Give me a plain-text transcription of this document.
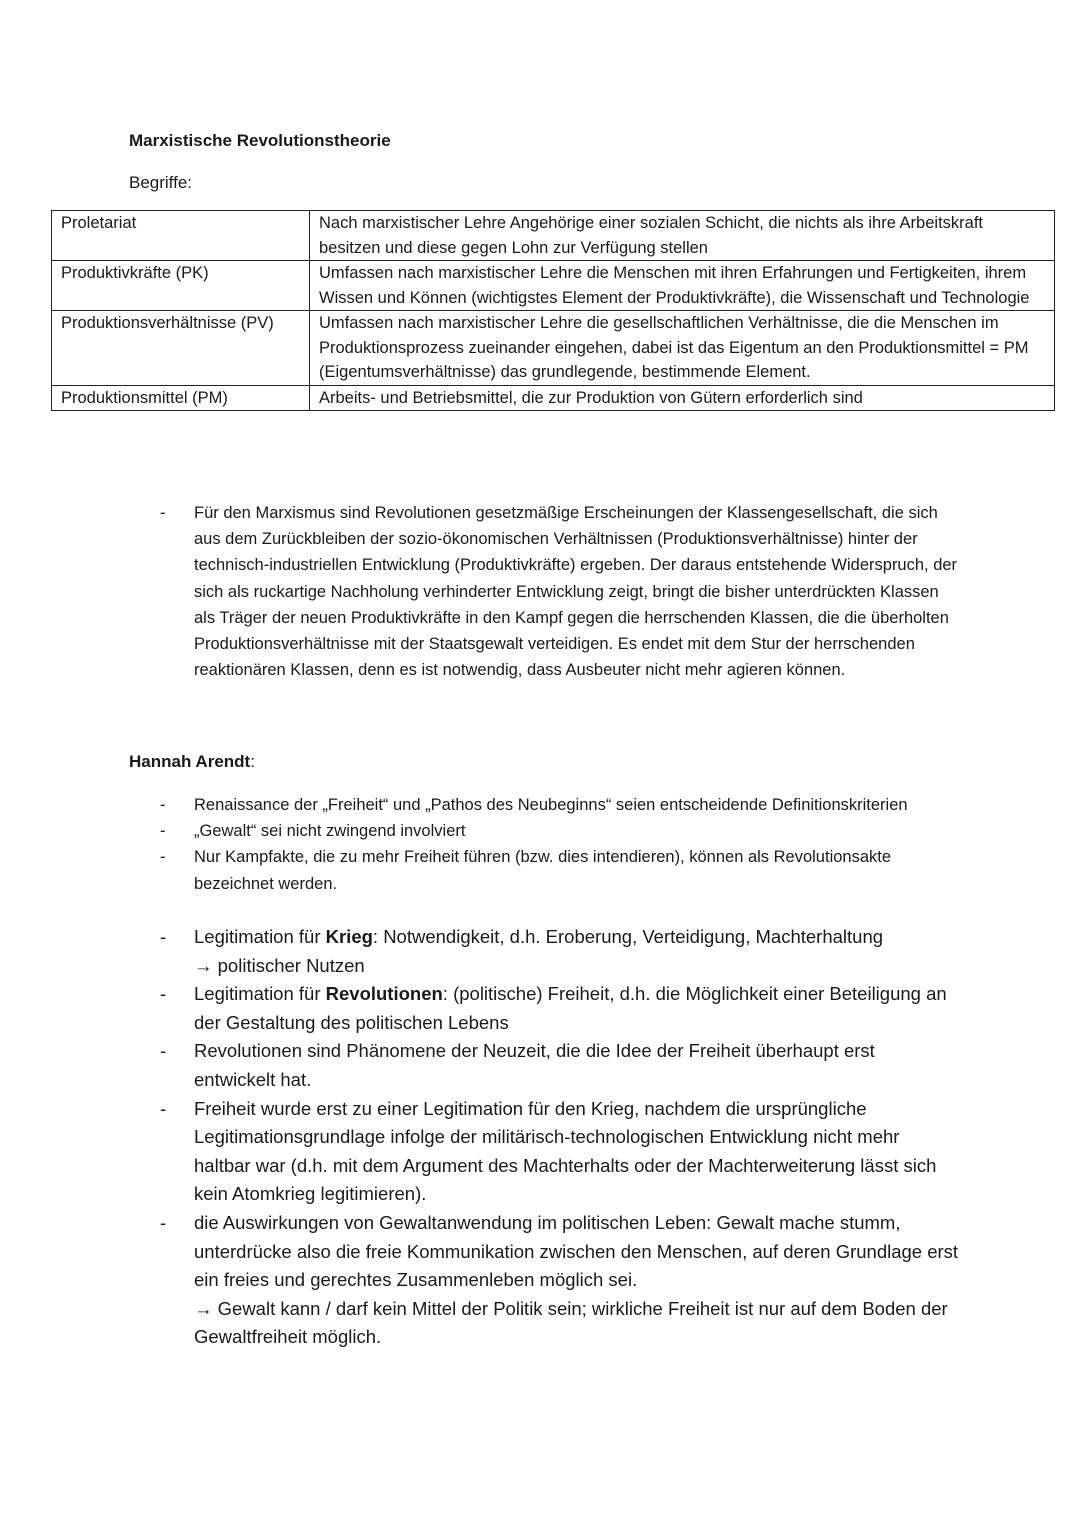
Marxistische Revolutionstheorie
Begriffe:
Proletariat	Nach marxistischer Lehre Angehörige einer sozialen Schicht, die nichts als ihre Arbeitskraft besitzen und diese gegen Lohn zur Verfügung stellen
Produktivkräfte (PK)	Umfassen nach marxistischer Lehre die Menschen mit ihren Erfahrungen und Fertigkeiten, ihrem Wissen und Können (wichtigstes Element der Produktivkräfte), die Wissenschaft und Technologie
Produktionsverhältnisse (PV)	Umfassen nach marxistischer Lehre die gesellschaftlichen Verhältnisse, die die Menschen im Produktionsprozess zueinander eingehen, dabei ist das Eigentum an den Produktionsmittel = PM (Eigentumsverhältnisse) das grundlegende, bestimmende Element.
Produktionsmittel (PM)	Arbeits- und Betriebsmittel, die zur Produktion von Gütern erforderlich sind
- Für den Marxismus sind Revolutionen gesetzmäßige Erscheinungen der Klassengesellschaft, die sich aus dem Zurückbleiben der sozio-ökonomischen Verhältnissen (Produktionsverhältnisse) hinter der technisch-industriellen Entwicklung (Produktivkräfte) ergeben. Der daraus entstehende Widerspruch, der sich als ruckartige Nachholung verhinderter Entwicklung zeigt, bringt die bisher unterdrückten Klassen als Träger der neuen Produktivkräfte in den Kampf gegen die herrschenden Klassen, die die überholten Produktionsverhältnisse mit der Staatsgewalt verteidigen. Es endet mit dem Stur der herrschenden reaktionären Klassen, denn es ist notwendig, dass Ausbeuter nicht mehr agieren können.
Hannah Arendt:
- Renaissance der „Freiheit“ und „Pathos des Neubeginns“ seien entscheidende Definitionskriterien
- „Gewalt“ sei nicht zwingend involviert
- Nur Kampfakte, die zu mehr Freiheit führen (bzw. dies intendieren), können als Revolutionsakte bezeichnet werden.
- Legitimation für Krieg: Notwendigkeit, d.h. Eroberung, Verteidigung, Machterhaltung
→ politischer Nutzen
- Legitimation für Revolutionen: (politische) Freiheit, d.h. die Möglichkeit einer Beteiligung an der Gestaltung des politischen Lebens
- Revolutionen sind Phänomene der Neuzeit, die die Idee der Freiheit überhaupt erst entwickelt hat.
- Freiheit wurde erst zu einer Legitimation für den Krieg, nachdem die ursprüngliche Legitimationsgrundlage infolge der militärisch-technologischen Entwicklung nicht mehr haltbar war (d.h. mit dem Argument des Machterhalts oder der Machterweiterung lässt sich kein Atomkrieg legitimieren).
- die Auswirkungen von Gewaltanwendung im politischen Leben: Gewalt mache stumm, unterdrücke also die freie Kommunikation zwischen den Menschen, auf deren Grundlage erst ein freies und gerechtes Zusammenleben möglich sei.
→ Gewalt kann / darf kein Mittel der Politik sein; wirkliche Freiheit ist nur auf dem Boden der Gewaltfreiheit möglich.
